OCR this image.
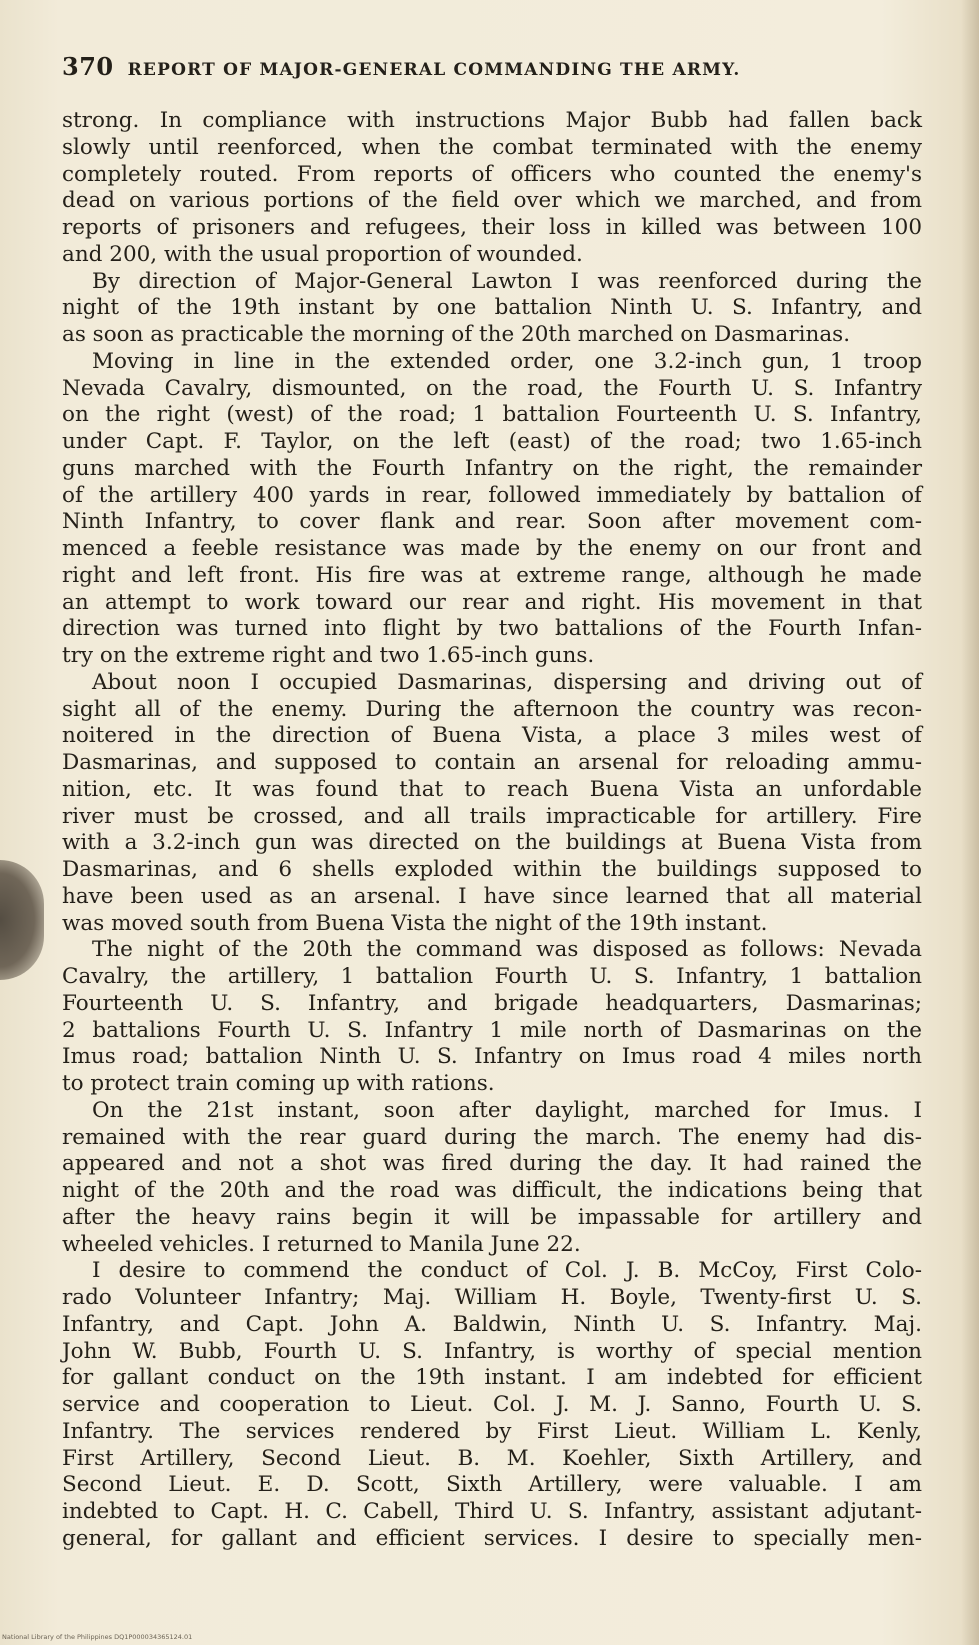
370 REPORT OF MAJOR-GENERAL COMMANDING THE ARMY.
strong. In compliance with instructions Major Bubb had fallen back
slowly until reenforced, when the combat terminated with the enemy
completely routed. From reports of officers who counted the enemy's
dead on various portions of the field over which we marched, and from
reports of prisoners and refugees, their loss in killed was between 100
and 200, with the usual proportion of wounded.
By direction of Major-General Lawton I was reenforced during the
night of the 19th instant by one battalion Ninth U. S. Infantry, and
as soon as practicable the morning of the 20th marched on Dasmarinas.
Moving in line in the extended order, one 3.2-inch gun, 1 troop
Nevada Cavalry, dismounted, on the road, the Fourth U. S. Infantry
on the right (west) of the road; 1 battalion Fourteenth U. S. Infantry,
under Capt. F. Taylor, on the left (east) of the road; two 1.65-inch
guns marched with the Fourth Infantry on the right, the remainder
of the artillery 400 yards in rear, followed immediately by battalion of
Ninth Infantry, to cover flank and rear. Soon after movement com-
menced a feeble resistance was made by the enemy on our front and
right and left front. His fire was at extreme range, although he made
an attempt to work toward our rear and right. His movement in that
direction was turned into flight by two battalions of the Fourth Infan-
try on the extreme right and two 1.65-inch guns.
About noon I occupied Dasmarinas, dispersing and driving out of
sight all of the enemy. During the afternoon the country was recon-
noitered in the direction of Buena Vista, a place 3 miles west of
Dasmarinas, and supposed to contain an arsenal for reloading ammu-
nition, etc. It was found that to reach Buena Vista an unfordable
river must be crossed, and all trails impracticable for artillery. Fire
with a 3.2-inch gun was directed on the buildings at Buena Vista from
Dasmarinas, and 6 shells exploded within the buildings supposed to
have been used as an arsenal. I have since learned that all material
was moved south from Buena Vista the night of the 19th instant.
The night of the 20th the command was disposed as follows: Nevada
Cavalry, the artillery, 1 battalion Fourth U. S. Infantry, 1 battalion
Fourteenth U. S. Infantry, and brigade headquarters, Dasmarinas;
2 battalions Fourth U. S. Infantry 1 mile north of Dasmarinas on the
Imus road; battalion Ninth U. S. Infantry on Imus road 4 miles north
to protect train coming up with rations.
On the 21st instant, soon after daylight, marched for Imus. I
remained with the rear guard during the march. The enemy had dis-
appeared and not a shot was fired during the day. It had rained the
night of the 20th and the road was difficult, the indications being that
after the heavy rains begin it will be impassable for artillery and
wheeled vehicles. I returned to Manila June 22.
I desire to commend the conduct of Col. J. B. McCoy, First Colo-
rado Volunteer Infantry; Maj. William H. Boyle, Twenty-first U. S.
Infantry, and Capt. John A. Baldwin, Ninth U. S. Infantry. Maj.
John W. Bubb, Fourth U. S. Infantry, is worthy of special mention
for gallant conduct on the 19th instant. I am indebted for efficient
service and cooperation to Lieut. Col. J. M. J. Sanno, Fourth U. S.
Infantry. The services rendered by First Lieut. William L. Kenly,
First Artillery, Second Lieut. B. M. Koehler, Sixth Artillery, and
Second Lieut. E. D. Scott, Sixth Artillery, were valuable. I am
indebted to Capt. H. C. Cabell, Third U. S. Infantry, assistant adjutant-
general, for gallant and efficient services. I desire to specially men-
National Library of the Philippines DQ1P000034365124.01
